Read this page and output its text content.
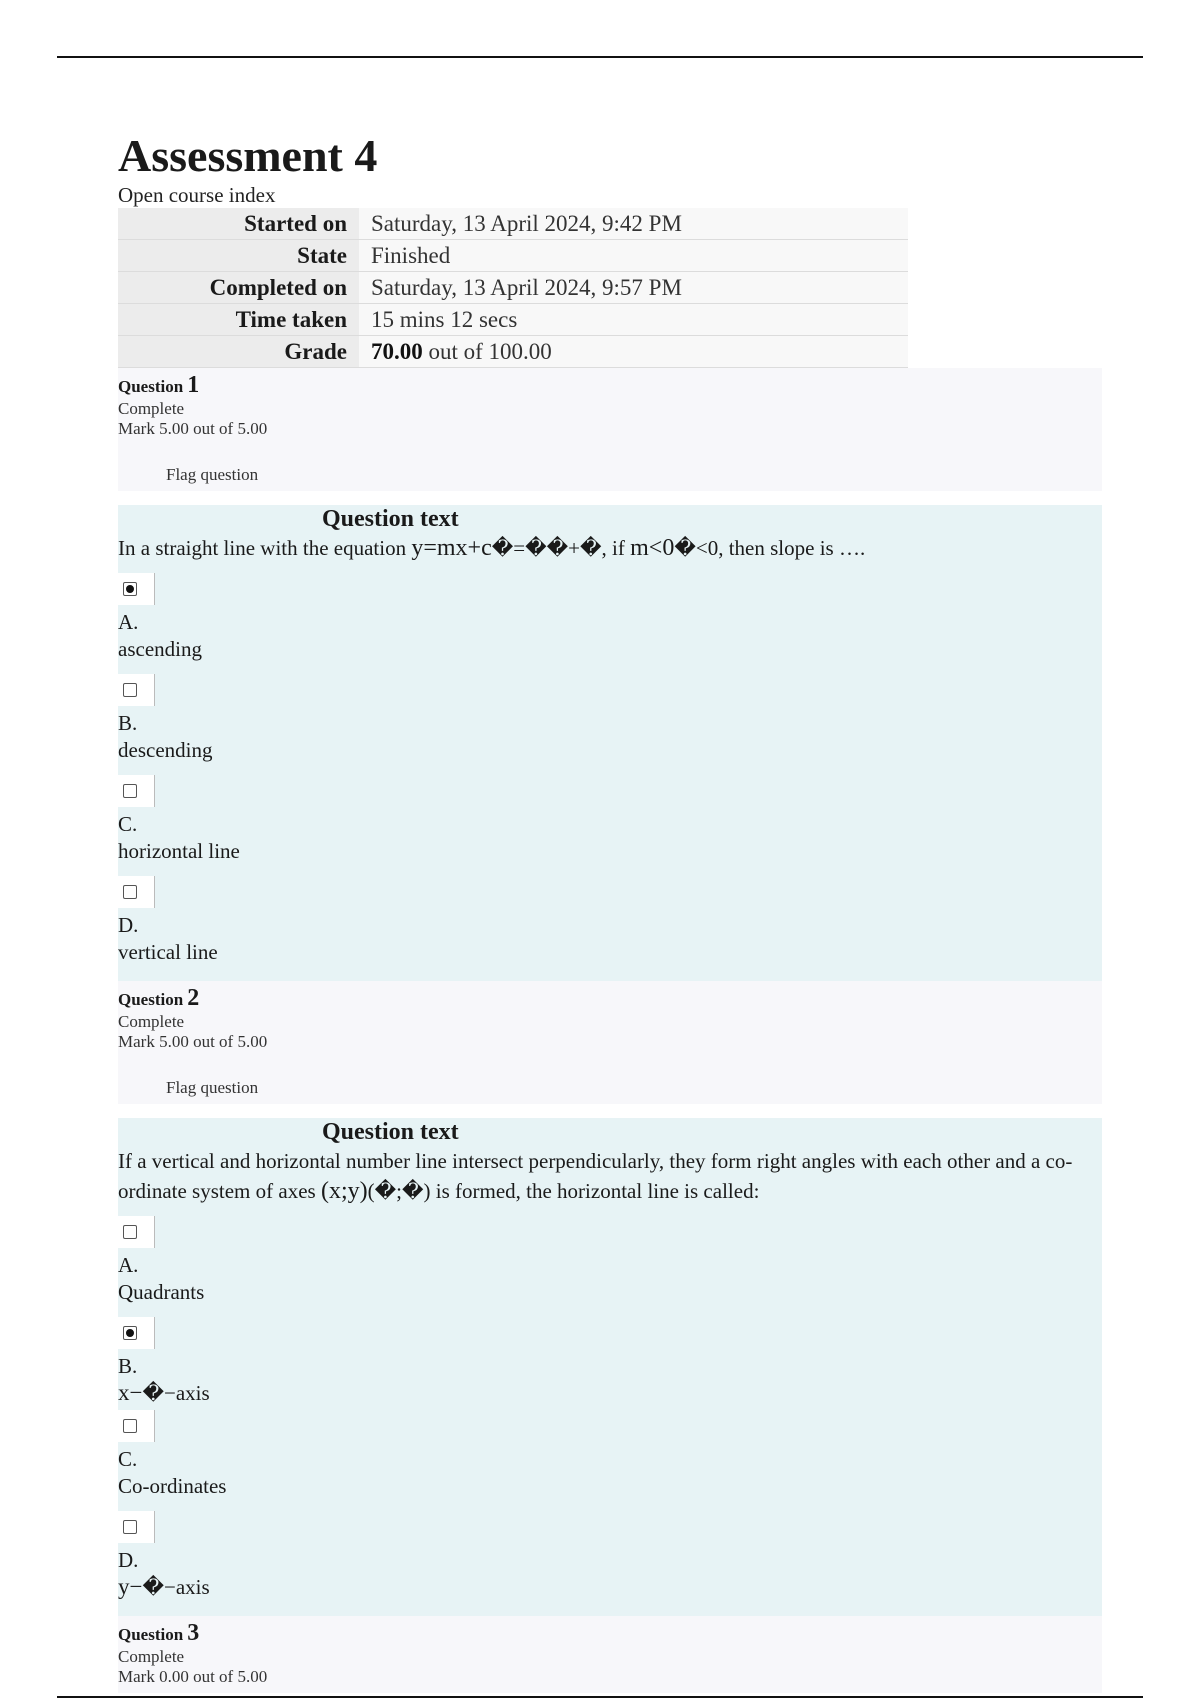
Assessment 4
Open course index
Started on	Saturday, 13 April 2024, 9:42 PM
State	Finished
Completed on	Saturday, 13 April 2024, 9:57 PM
Time taken	15 mins 12 secs
Grade	70.00 out of 100.00
Question 1
Complete
Mark 5.00 out of 5.00
Flag question
Question text
In a straight line with the equation y=mx+c�=��+�, if m<0�<0, then slope is ….
A.
ascending
B.
descending
C.
horizontal line
D.
vertical line
Question 2
Complete
Mark 5.00 out of 5.00
Flag question
Question text
If a vertical and horizontal number line intersect perpendicularly, they form right angles with each other and a co-ordinate system of axes (x;y)(�;�) is formed, the horizontal line is called:
A.
Quadrants
B.
x−�−axis
C.
Co-ordinates
D.
y−�−axis
Question 3
Complete
Mark 0.00 out of 5.00
